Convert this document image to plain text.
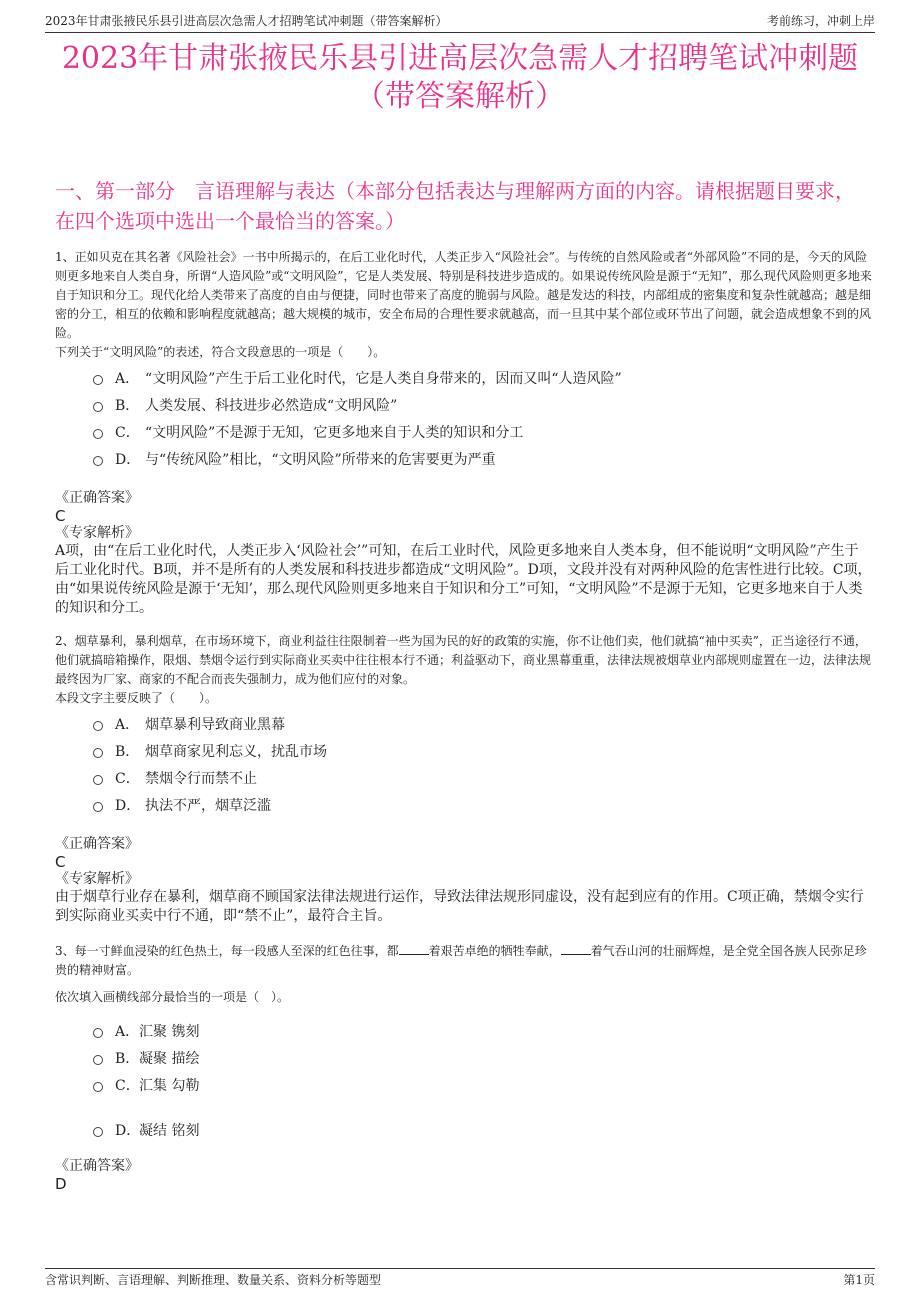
2023年甘肃张掖民乐县引进高层次急需人才招聘笔试冲刺题（带答案解析）	考前练习，冲刺上岸
2023年甘肃张掖民乐县引进高层次急需人才招聘笔试冲刺题
（带答案解析）
一、第一部分　言语理解与表达（本部分包括表达与理解两方面的内容。请根据题目要求，在四个选项中选出一个最恰当的答案。）

1、正如贝克在其名著《风险社会》一书中所揭示的，在后工业化时代，人类正步入“风险社会”。与传统的自然风险或者“外部风险”不同的是，今天的风险则更多地来自人类自身，所谓“人造风险”或“文明风险”，它是人类发展、特别是科技进步造成的。如果说传统风险是源于“无知”，那么现代风险则更多地来自于知识和分工。现代化给人类带来了高度的自由与便捷，同时也带来了高度的脆弱与风险。越是发达的科技，内部组成的密集度和复杂性就越高；越是细密的分工，相互的依赖和影响程度就越高；越大规模的城市，安全布局的合理性要求就越高，而一旦其中某个部位或环节出了问题，就会造成想象不到的风险。

下列关于“文明风险”的表述，符合文段意思的一项是（　　）。

A． “文明风险”产生于后工业化时代，它是人类自身带来的，因而又叫“人造风险”
B． 人类发展、科技进步必然造成“文明风险”
C． “文明风险”不是源于无知，它更多地来自于人类的知识和分工
D． 与“传统风险”相比，“文明风险”所带来的危害要更为严重
《正确答案》
C
《专家解析》

A项，由“在后工业化时代，人类正步入‘风险社会’”可知，在后工业时代，风险更多地来自人类本身，但不能说明“文明风险”产生于后工业化时代。B项，并不是所有的人类发展和科技进步都造成“文明风险”。D项，文段并没有对两种风险的危害性进行比较。C项，由“如果说传统风险是源于‘无知’，那么现代风险则更多地来自于知识和分工”可知，“文明风险”不是源于无知，它更多地来自于人类的知识和分工。

2、烟草暴利，暴利烟草，在市场环境下，商业利益往往限制着一些为国为民的好的政策的实施，你不让他们卖，他们就搞“袖中买卖”，正当途径行不通，他们就搞暗箱操作，限烟、禁烟令运行到实际商业买卖中往往根本行不通；利益驱动下，商业黑幕重重，法律法规被烟草业内部规则虚置在一边，法律法规最终因为厂家、商家的不配合而丧失强制力，成为他们应付的对象。

本段文字主要反映了（　　）。

A． 烟草暴利导致商业黑幕
B． 烟草商家见利忘义，扰乱市场
C． 禁烟令行而禁不止
D． 执法不严，烟草泛滥
《正确答案》
C
《专家解析》

由于烟草行业存在暴利，烟草商不顾国家法律法规进行运作，导致法律法规形同虚设，没有起到应有的作用。C项正确，禁烟令实行到实际商业买卖中行不通，即“禁不止”，最符合主旨。

3、每一寸鲜血浸染的红色热土，每一段感人至深的红色往事，都	着艰苦卓绝的牺牲奉献，	着气吞山河的壮丽辉煌，是全党全国各族人民弥足珍贵的精神财富。

依次填入画横线部分最恰当的一项是（　）。

A．汇聚 镌刻
B．凝聚 描绘
C．汇集 勾勒
D．凝结 铭刻
《正确答案》
D
含常识判断、言语理解、判断推理、数量关系、资料分析等题型	第1页
